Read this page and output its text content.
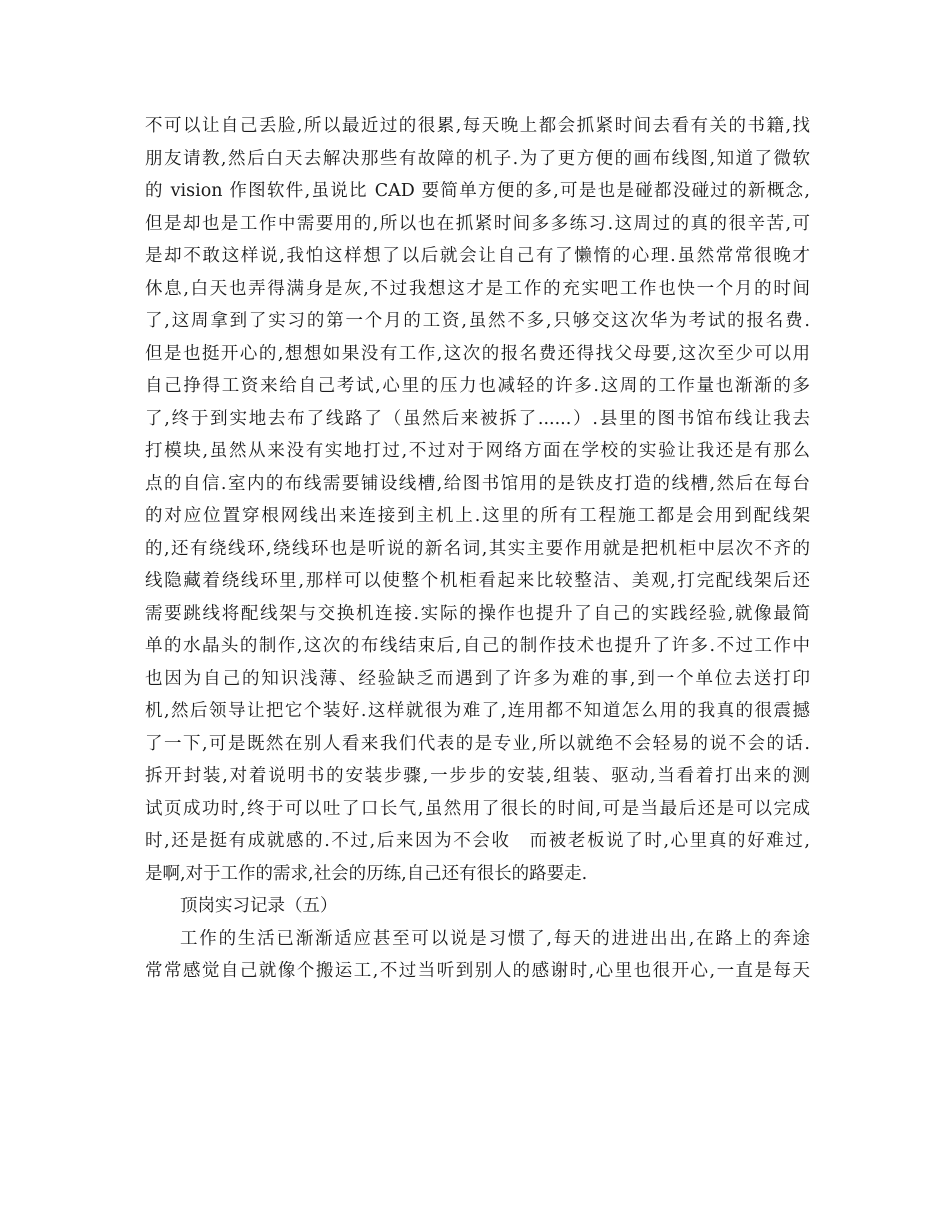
不可以让自己丢脸,所以最近过的很累,每天晚上都会抓紧时间去看有关的书籍,找
朋友请教,然后白天去解决那些有故障的机子.为了更方便的画布线图,知道了微软
的 vision 作图软件,虽说比 CAD 要简单方便的多,可是也是碰都没碰过的新概念,
但是却也是工作中需要用的,所以也在抓紧时间多多练习.这周过的真的很辛苦,可
是却不敢这样说,我怕这样想了以后就会让自己有了懒惰的心理.虽然常常很晚才
休息,白天也弄得满身是灰,不过我想这才是工作的充实吧工作也快一个月的时间
了,这周拿到了实习的第一个月的工资,虽然不多,只够交这次华为考试的报名费.
但是也挺开心的,想想如果没有工作,这次的报名费还得找父母要,这次至少可以用
自己挣得工资来给自己考试,心里的压力也减轻的许多.这周的工作量也渐渐的多
了,终于到实地去布了线路了（虽然后来被拆了......）.县里的图书馆布线让我去
打模块,虽然从来没有实地打过,不过对于网络方面在学校的实验让我还是有那么
点的自信.室内的布线需要铺设线槽,给图书馆用的是铁皮打造的线槽,然后在每台
的对应位置穿根网线出来连接到主机上.这里的所有工程施工都是会用到配线架
的,还有绕线环,绕线环也是听说的新名词,其实主要作用就是把机柜中层次不齐的
线隐藏着绕线环里,那样可以使整个机柜看起来比较整洁、美观,打完配线架后还
需要跳线将配线架与交换机连接.实际的操作也提升了自己的实践经验,就像最简
单的水晶头的制作,这次的布线结束后,自己的制作技术也提升了许多.不过工作中
也因为自己的知识浅薄、经验缺乏而遇到了许多为难的事,到一个单位去送打印
机,然后领导让把它个装好.这样就很为难了,连用都不知道怎么用的我真的很震撼
了一下,可是既然在别人看来我们代表的是专业,所以就绝不会轻易的说不会的话.
拆开封装,对着说明书的安装步骤,一步步的安装,组装、驱动,当看着打出来的测
试页成功时,终于可以吐了口长气,虽然用了很长的时间,可是当最后还是可以完成
时,还是挺有成就感的.不过,后来因为不会收　而被老板说了时,心里真的好难过,
是啊,对于工作的需求,社会的历练,自己还有很长的路要走.
顶岗实习记录（五）
工作的生活已渐渐适应甚至可以说是习惯了,每天的进进出出,在路上的奔途
常常感觉自己就像个搬运工,不过当听到别人的感谢时,心里也很开心,一直是每天
